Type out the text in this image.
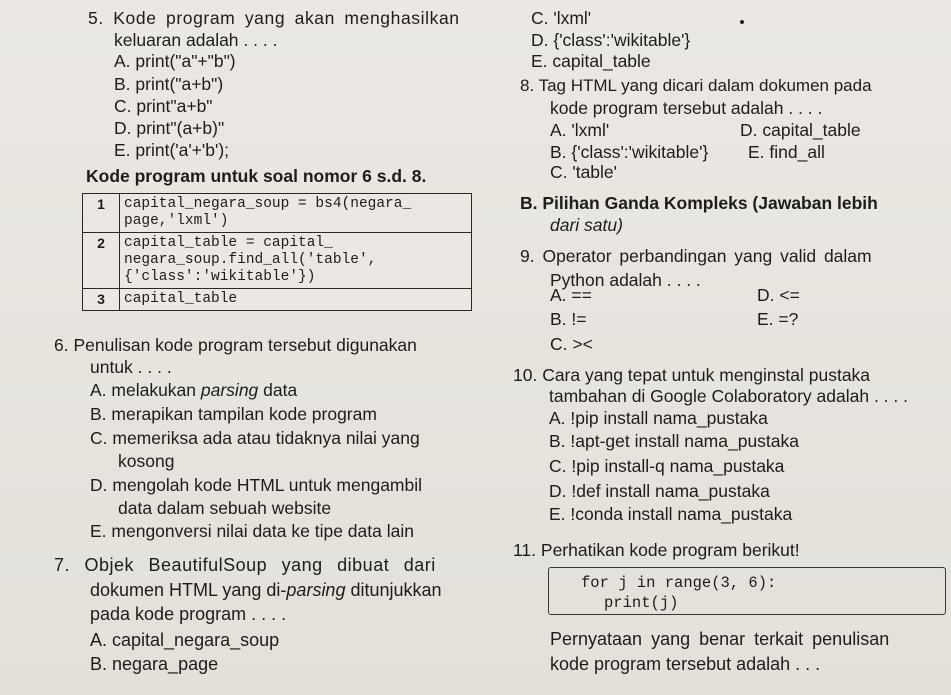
5. Kode program yang akan menghasilkan
keluaran adalah . . . .
A. print("a"+"b")
B. print("a+b")
C. print"a+b"
D. print"(a+b)"
E. print('a'+'b');
Kode program untuk soal nomor 6 s.d. 8.
1	capital_negara_soup = bs4(negara_
page,'lxml')

2	capital_table = capital_
negara_soup.find_all('table',
{'class':'wikitable'})

3	capital_table
6. Penulisan kode program tersebut digunakan
untuk . . . .
A. melakukan parsing data
B. merapikan tampilan kode program
C. memeriksa ada atau tidaknya nilai yang
kosong
D. mengolah kode HTML untuk mengambil
data dalam sebuah website
E. mengonversi nilai data ke tipe data lain
7. Objek BeautifulSoup yang dibuat dari
dokumen HTML yang di-parsing ditunjukkan
pada kode program . . . .
A. capital_negara_soup
B. negara_page
C. 'lxml'
D. {'class':'wikitable'}
E. capital_table
8. Tag HTML yang dicari dalam dokumen pada
kode program tersebut adalah . . . .
A. 'lxml'	D. capital_table
B. {'class':'wikitable'} E. find_all
C. 'table'
B. Pilihan Ganda Kompleks (Jawaban lebih
dari satu)
9. Operator perbandingan yang valid dalam
Python adalah . . . .
A. ==	D. <=
B. !=	E. =?
C. ><
10. Cara yang tepat untuk menginstal pustaka
tambahan di Google Colaboratory adalah . . . .
A. !pip install nama_pustaka
B. !apt-get install nama_pustaka
C. !pip install-q nama_pustaka
D. !def install nama_pustaka
E. !conda install nama_pustaka
11. Perhatikan kode program berikut!
for j in range(3, 6):
print(j)
Pernyataan yang benar terkait penulisan
kode program tersebut adalah . . .
